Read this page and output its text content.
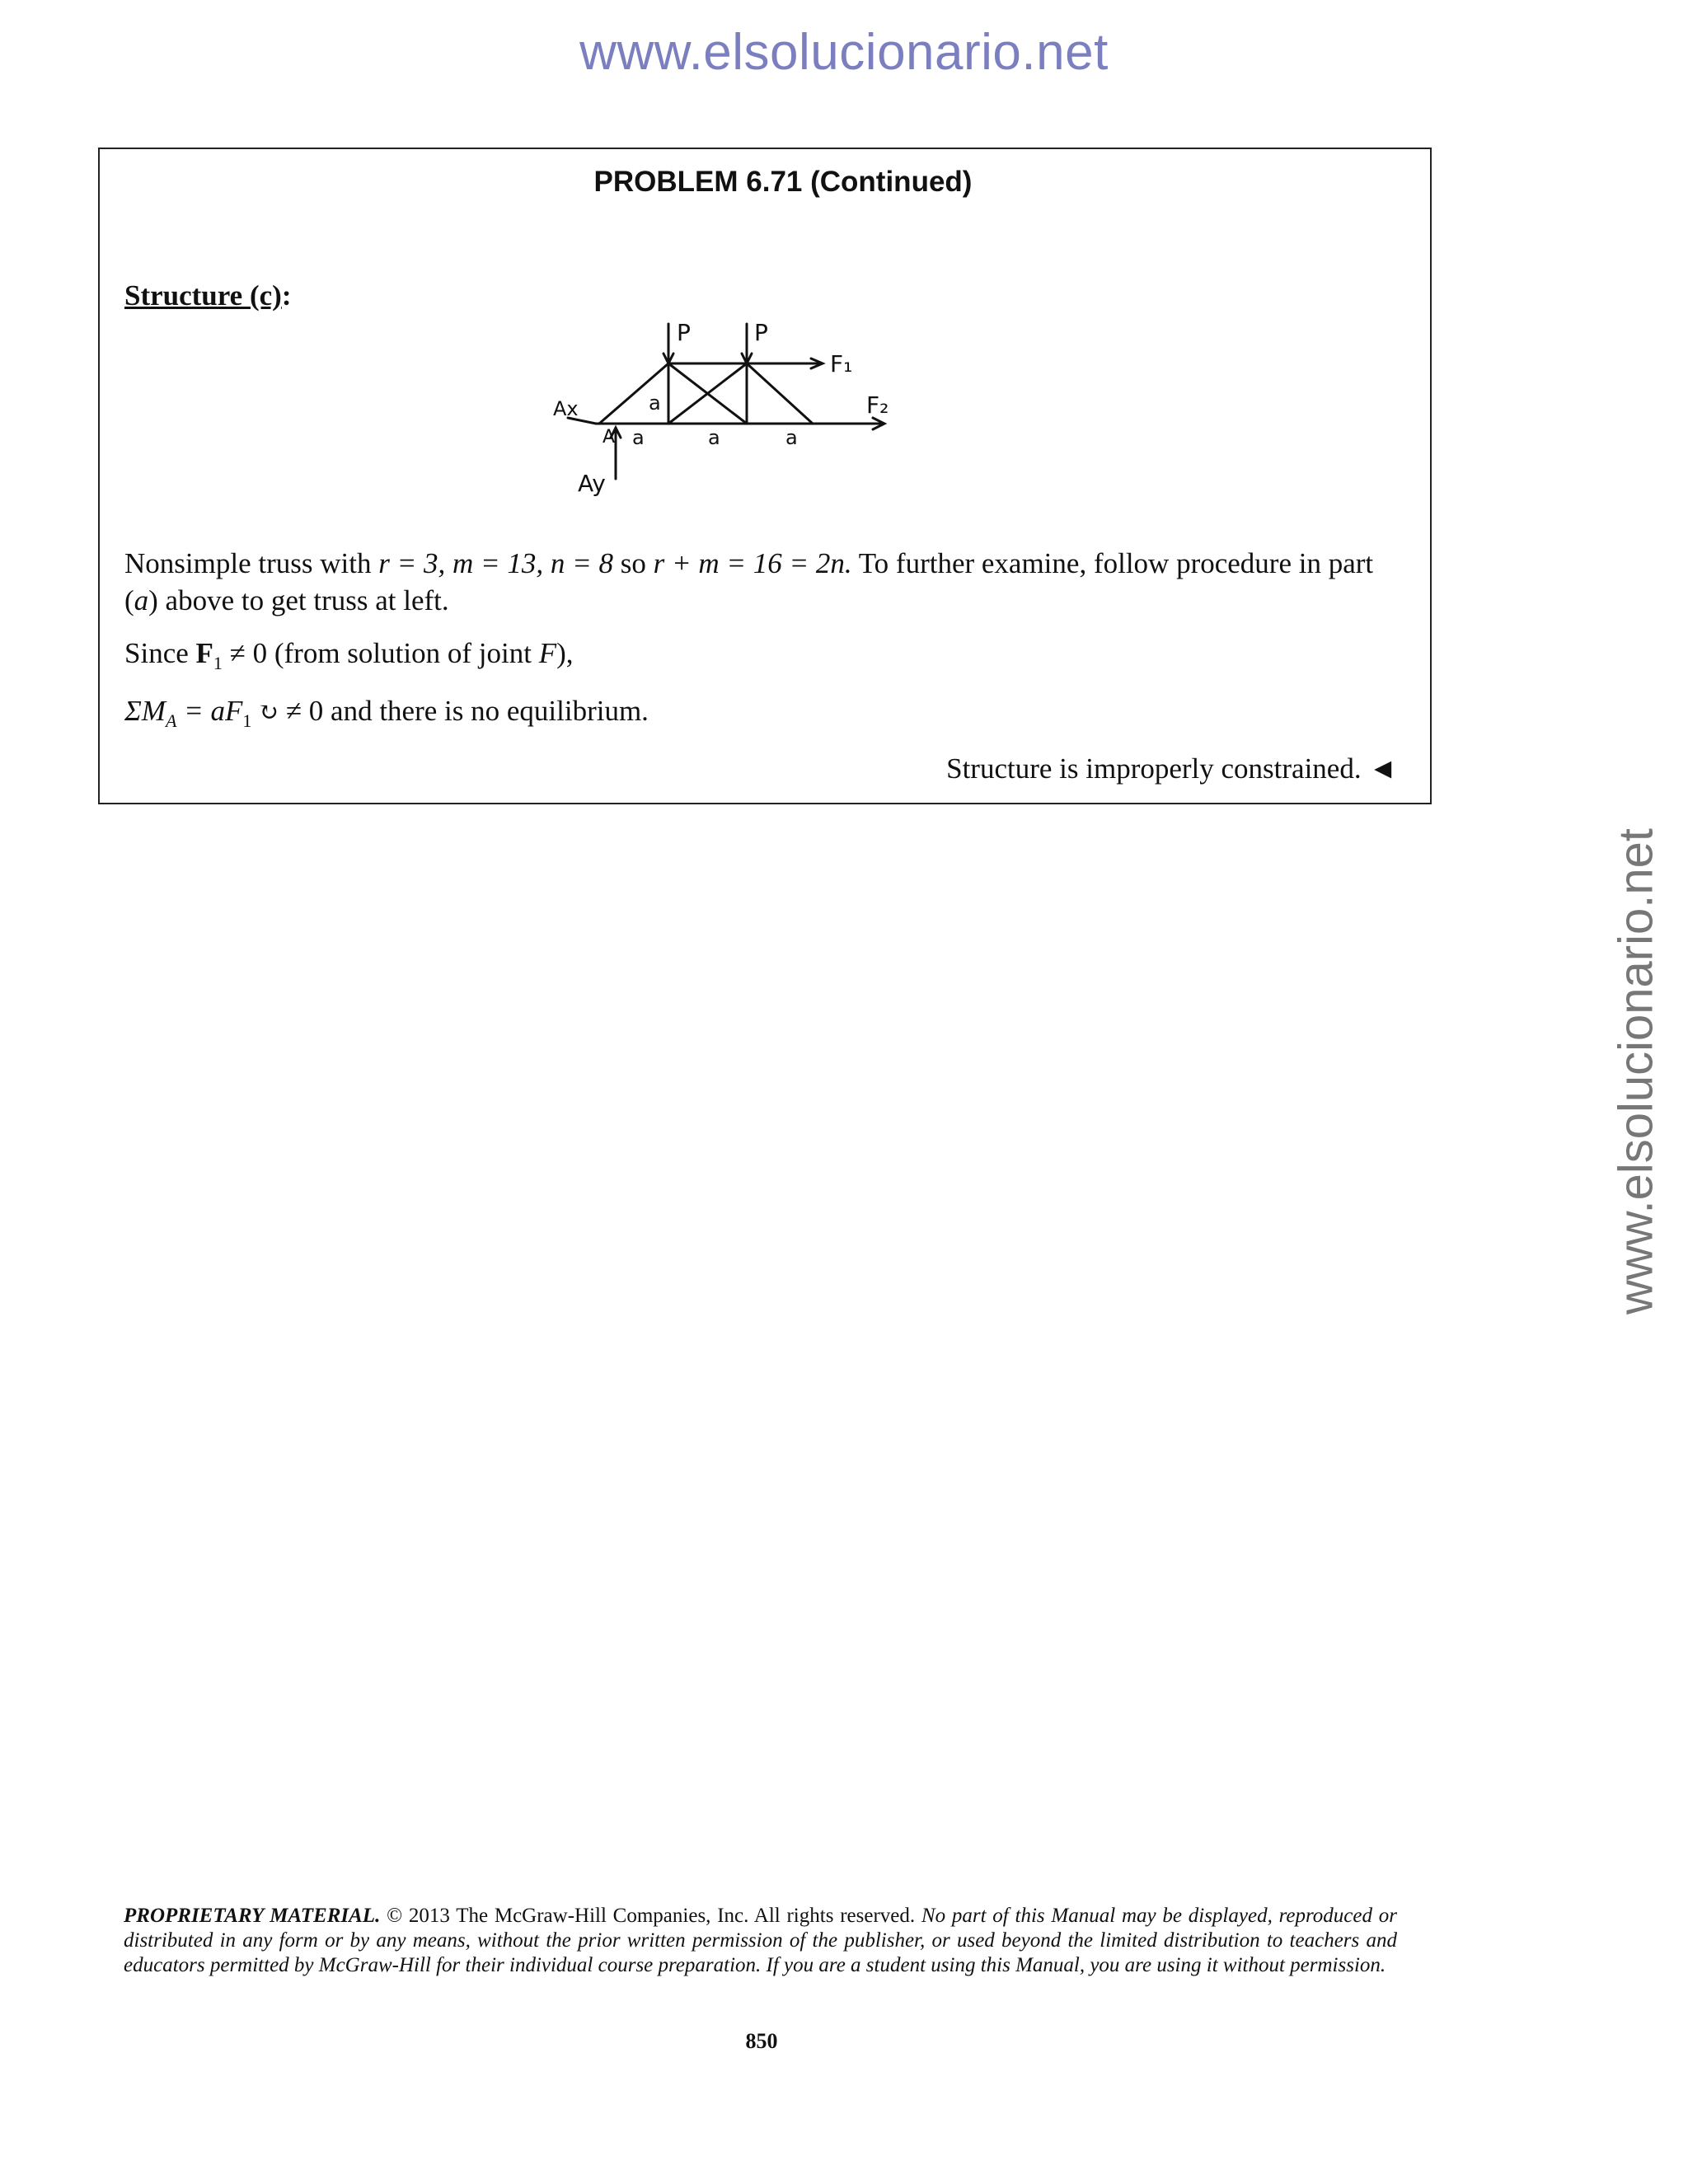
www.elsolucionario.net
www.elsolucionario.net
PROBLEM 6.71 (Continued)
Structure (c):
P	P
F₁
F₂
Ax
A
Ay
a
a	a	a
Nonsimple truss with r = 3, m = 13, n = 8 so r + m = 16 = 2n. To further examine, follow procedure in part (a) above to get truss at left.
Since $F_1 \ne 0$ (from solution of joint F),
$\Sigma M_A = aF_1$ ↻ ≠ 0 and there is no equilibrium.
Structure is improperly constrained. ◄
PROPRIETARY MATERIAL. © 2013 The McGraw-Hill Companies, Inc. All rights reserved. No part of this Manual may be displayed, reproduced or distributed in any form or by any means, without the prior written permission of the publisher, or used beyond the limited distribution to teachers and educators permitted by McGraw-Hill for their individual course preparation. If you are a student using this Manual, you are using it without permission.
850
